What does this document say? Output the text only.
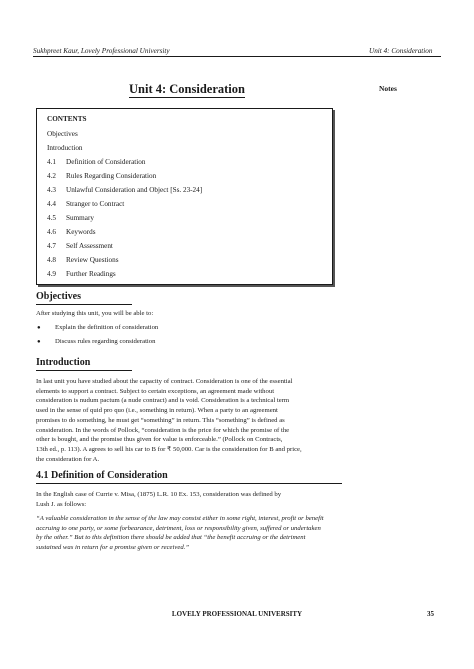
Sukhpreet Kaur, Lovely Professional University	Unit 4: Consideration
Unit 4: Consideration	Notes
CONTENTS
Objectives
Introduction
4.1 Definition of Consideration
4.2 Rules Regarding Consideration
4.3 Unlawful Consideration and Object [Ss. 23-24]
4.4 Stranger to Contract
4.5 Summary
4.6 Keywords
4.7 Self Assessment
4.8 Review Questions
4.9 Further Readings
Objectives
After studying this unit, you will be able to:
● Explain the definition of consideration
● Discuss rules regarding consideration
Introduction
In last unit you have studied about the capacity of contract. Consideration is one of the essential
elements to support a contract. Subject to certain exceptions, an agreement made without
consideration is nudum pactum (a nude contract) and is void. Consideration is a technical term
used in the sense of quid pro quo (i.e., something in return). When a party to an agreement
promises to do something, he must get “something” in return. This “something” is defined as
consideration. In the words of Pollock, “consideration is the price for which the promise of the
other is bought, and the promise thus given for value is enforceable.” (Pollock on Contracts,
13th ed., p. 113). A agrees to sell his car to B for ₹ 50,000. Car is the consideration for B and price,
the consideration for A.
4.1 Definition of Consideration
In the English case of Currie v. Misa, (1875) L.R. 10 Ex. 153, consideration was defined by
Lush J. as follows:
“A valuable consideration in the sense of the law may consist either in some right, interest, profit or benefit
accruing to one party, or some forbearance, detriment, loss or responsibility given, suffered or undertaken
by the other.” But to this definition there should be added that “the benefit accruing or the detriment
sustained was in return for a promise given or received.”
LOVELY PROFESSIONAL UNIVERSITY	35
